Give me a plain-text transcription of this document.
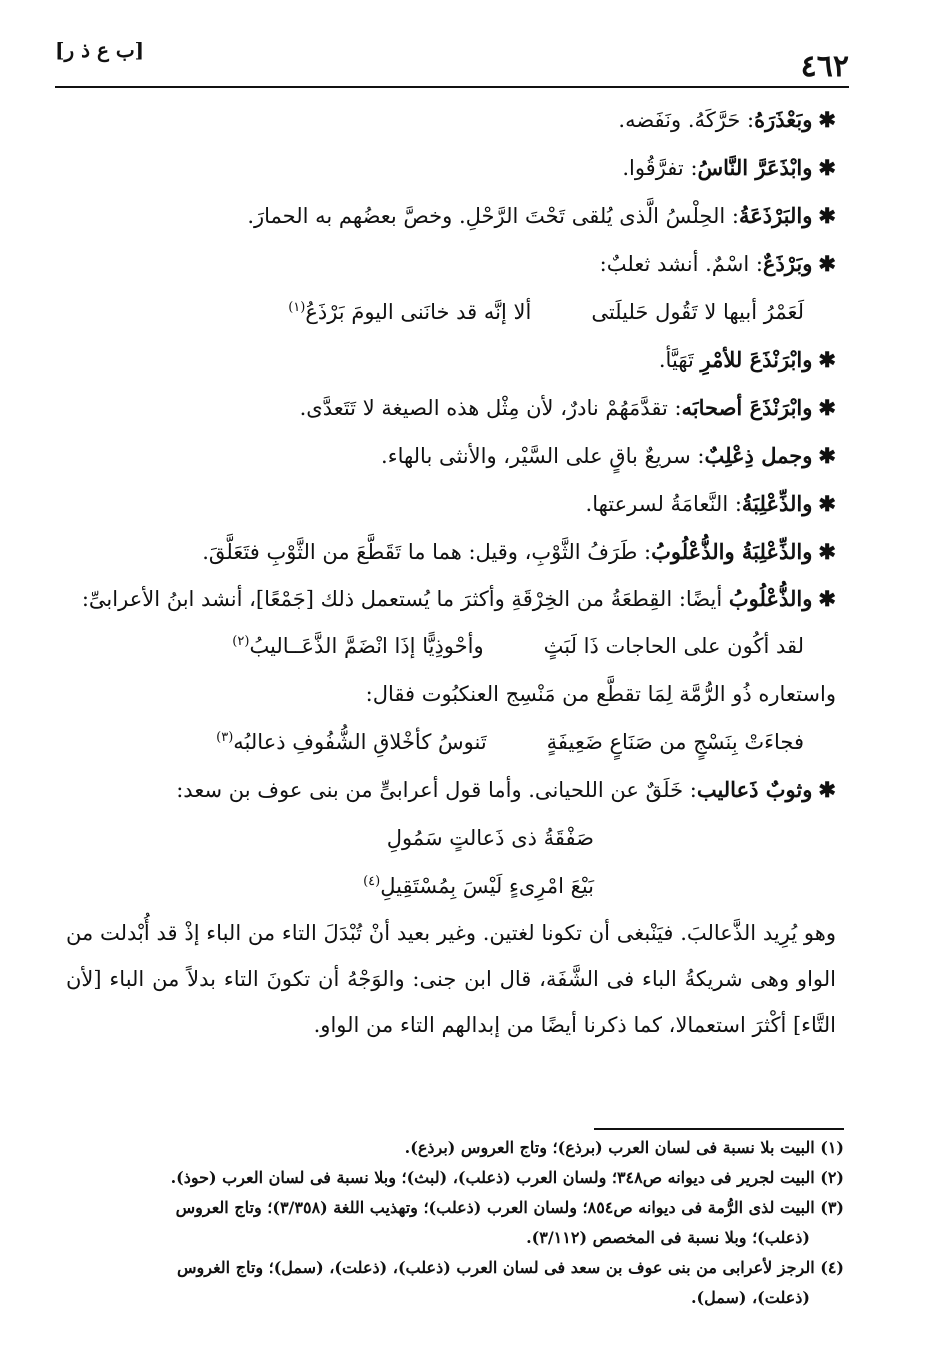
٤٦٢
[ب ع ذ ر]

✱وبَعْذَرَهُ: حَرَّكَهُ. ونَفَضه.

✱وابْذَعَرَّ النَّاسُ: تفرَّقُوا.

✱والبَرْذَعَةُ: الحِلْسُ الَّذى يُلقى تَحْتَ الرَّحْلِ. وخصَّ بعضُهم به الحمارَ.

✱وبَرْذَعٌ: اسْمٌ. أنشد ثعلبٌ:

لَعَمْرُ أبيها لا تَقُول حَليلَتى
ألا إنَّه قد خانَنى اليومَ بَرْذَعُ$^{(١)}$

✱وابْرَنْذَعَ للأمْرِ تَهَيَّأ.

✱وابْرَنْذَعَ أصحابَه: تقدَّمَهُمْ نادرٌ، لأن مِثْل هذه الصيغة لا تَتَعدَّى.

✱وجمل ذِعْلِبٌ: سريعٌ باقٍ على السَّيْر، والأنثى بالهاء.

✱والذِّعْلِبَةُ: النَّعامَةُ لسرعتها.

✱والذِّعْلِبَةُ والذُّعْلُوبُ: طَرَفُ الثَّوْبِ، وقيل: هما ما تَقَطَّعَ من الثَّوْبِ فتَعَلَّقَ.

✱والذُّعْلُوبُ أيضًا: القِطعَةُ من الخِرْقَةِ وأكثرَ ما يُستعمل ذلك [جَمْعًا]، أنشد ابنُ الأعرابىِّ:

لقد أكُون على الحاجات ذَا لَبَثٍ
وأحْوذِيًّا إذَا انْضَمَّ الذَّعَــاليبُ$^{(٢)}$

واستعاره ذُو الرُّمَّة لِمَا تقطَّع من مَنْسِج العنكبُوت فقال:

فجاءَتْ بِنَسْجٍ من صَنَاعٍ ضَعِيفَةٍ
تَنوسُ كأخْلاقِ الشُّفُوفِ ذعالبُه$^{(٣)}$

✱وثوبٌ ذَعاليب: خَلَقٌ عن اللحيانى. وأما قول أعرابىٍّ من بنى عوف بن سعد:

صَفْقَةُ ذى ذَعالتٍ سَمُولِ

بَيْعَ امْرِىءٍ لَيْسَ بِمُسْتَقِيلِ$^{(٤)}$

وهو يُرِيد الذَّعالبَ. فيَنْبغى أن تكونا لغتين. وغير بعيد أنْ تُبْدَلَ التاء من الباء إذْ قد أُبْدلت من الواو وهى شريكةُ الباء فى الشَّفَة، قال ابن جنى: والوَجْهُ أن تكونَ التاء بدلاً من الباء [لأن التَّاء] أكْثرَ استعمالا، كما ذكرنا أيضًا من إبدالهم التاء من الواو.

(١) البيت بلا نسبة فى لسان العرب (برذع)؛ وتاج العروس (برذع).

(٢) البيت لجرير فى ديوانه ص٣٤٨؛ ولسان العرب (ذعلب)، (لبث)؛ وبلا نسبة فى لسان العرب (حوذ).

(٣) البيت لذى الرُّمة فى ديوانه ص٨٥٤؛ ولسان العرب (ذعلب)؛ وتهذيب اللغة (٣/٣٥٨)؛ وتاج العروس

(ذعلب)؛ وبلا نسبة فى المخصص (٣/١١٢).

(٤) الرجز لأعرابى من بنى عوف بن سعد فى لسان العرب (ذعلب)، (ذعلت)، (سمل)؛ وتاج الغروس

(ذعلت)، (سمل).
